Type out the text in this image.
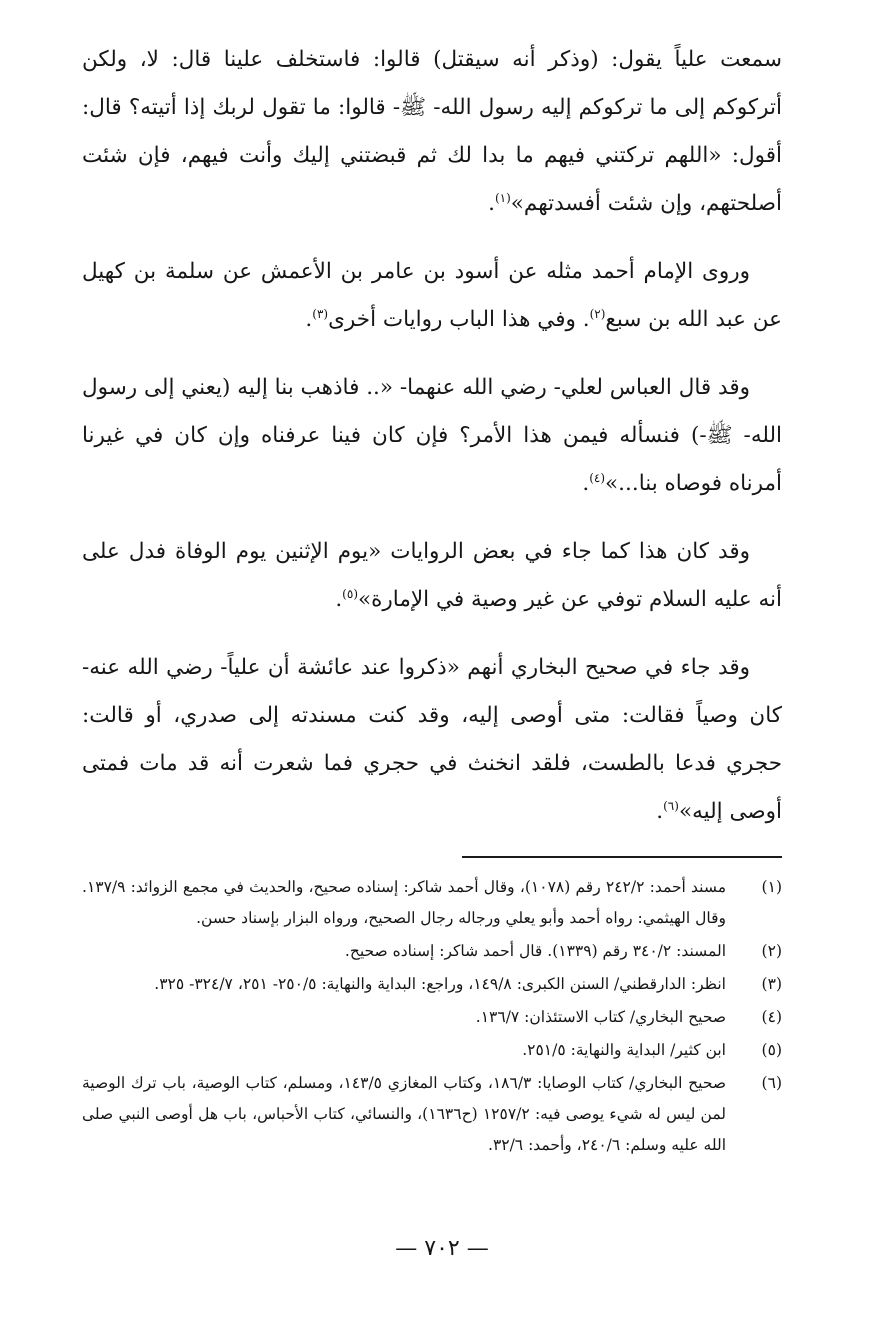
سمعت علياً يقول: (وذكر أنه سيقتل) قالوا: فاستخلف علينا قال: لا، ولكن أتركوكم إلى ما تركوكم إليه رسول الله- ﷺ- قالوا: ما تقول لربك إذا أتيته؟ قال: أقول: «اللهم تركتني فيهم ما بدا لك ثم قبضتني إليك وأنت فيهم، فإن شئت أصلحتهم، وإن شئت أفسدتهم»$^{(١)}$.

وروى الإمام أحمد مثله عن أسود بن عامر بن الأعمش عن سلمة بن كهيل عن عبد الله بن سبع$^{(٢)}$. وفي هذا الباب روايات أخرى$^{(٣)}$.

وقد قال العباس لعلي- رضي الله عنهما- «.. فاذهب بنا إليه (يعني إلى رسول الله- ﷺ-) فنسأله فيمن هذا الأمر؟ فإن كان فينا عرفناه وإن كان في غيرنا أمرناه فوصاه بنا...»$^{(٤)}$.

وقد كان هذا كما جاء في بعض الروايات «يوم الإثنين يوم الوفاة فدل على أنه عليه السلام توفي عن غير وصية في الإمارة»$^{(٥)}$.

وقد جاء في صحيح البخاري أنهم «ذكروا عند عائشة أن علياً- رضي الله عنه- كان وصياً فقالت: متى أوصى إليه، وقد كنت مسندته إلى صدري، أو قالت: حجري فدعا بالطست، فلقد انخنث في حجري فما شعرت أنه قد مات فمتى أوصى إليه»$^{(٦)}$.

(١)
مسند أحمد: ٢٤٢/٢ رقم (١٠٧٨)، وقال أحمد شاكر: إسناده صحيح، والحديث في مجمع الزوائد: ١٣٧/٩. وقال الهيثمي: رواه أحمد وأبو يعلي ورجاله رجال الصحيح، ورواه البزار بإسناد حسن.
(٢)
المسند: ٣٤٠/٢ رقم (١٣٣٩). قال أحمد شاكر: إسناده صحيح.
(٣)
انظر: الدارقطني/ السنن الكبرى: ١٤٩/٨، وراجع: البداية والنهاية: ٢٥٠/٥- ٢٥١، ٣٢٤/٧- ٣٢٥.
(٤)
صحيح البخاري/ كتاب الاستئذان: ١٣٦/٧.
(٥)
ابن كثير/ البداية والنهاية: ٢٥١/٥.
(٦)
صحيح البخاري/ كتاب الوصايا: ١٨٦/٣، وكتاب المغازي ١٤٣/٥، ومسلم، كتاب الوصية، باب ترك الوصية لمن ليس له شيء يوصى فيه: ١٢٥٧/٢ (ح١٦٣٦)، والنسائي، كتاب الأحباس، باب هل أوصى النبي صلى الله عليه وسلم: ٢٤٠/٦، وأحمد: ٣٢/٦.
— ٧٠٢ —
